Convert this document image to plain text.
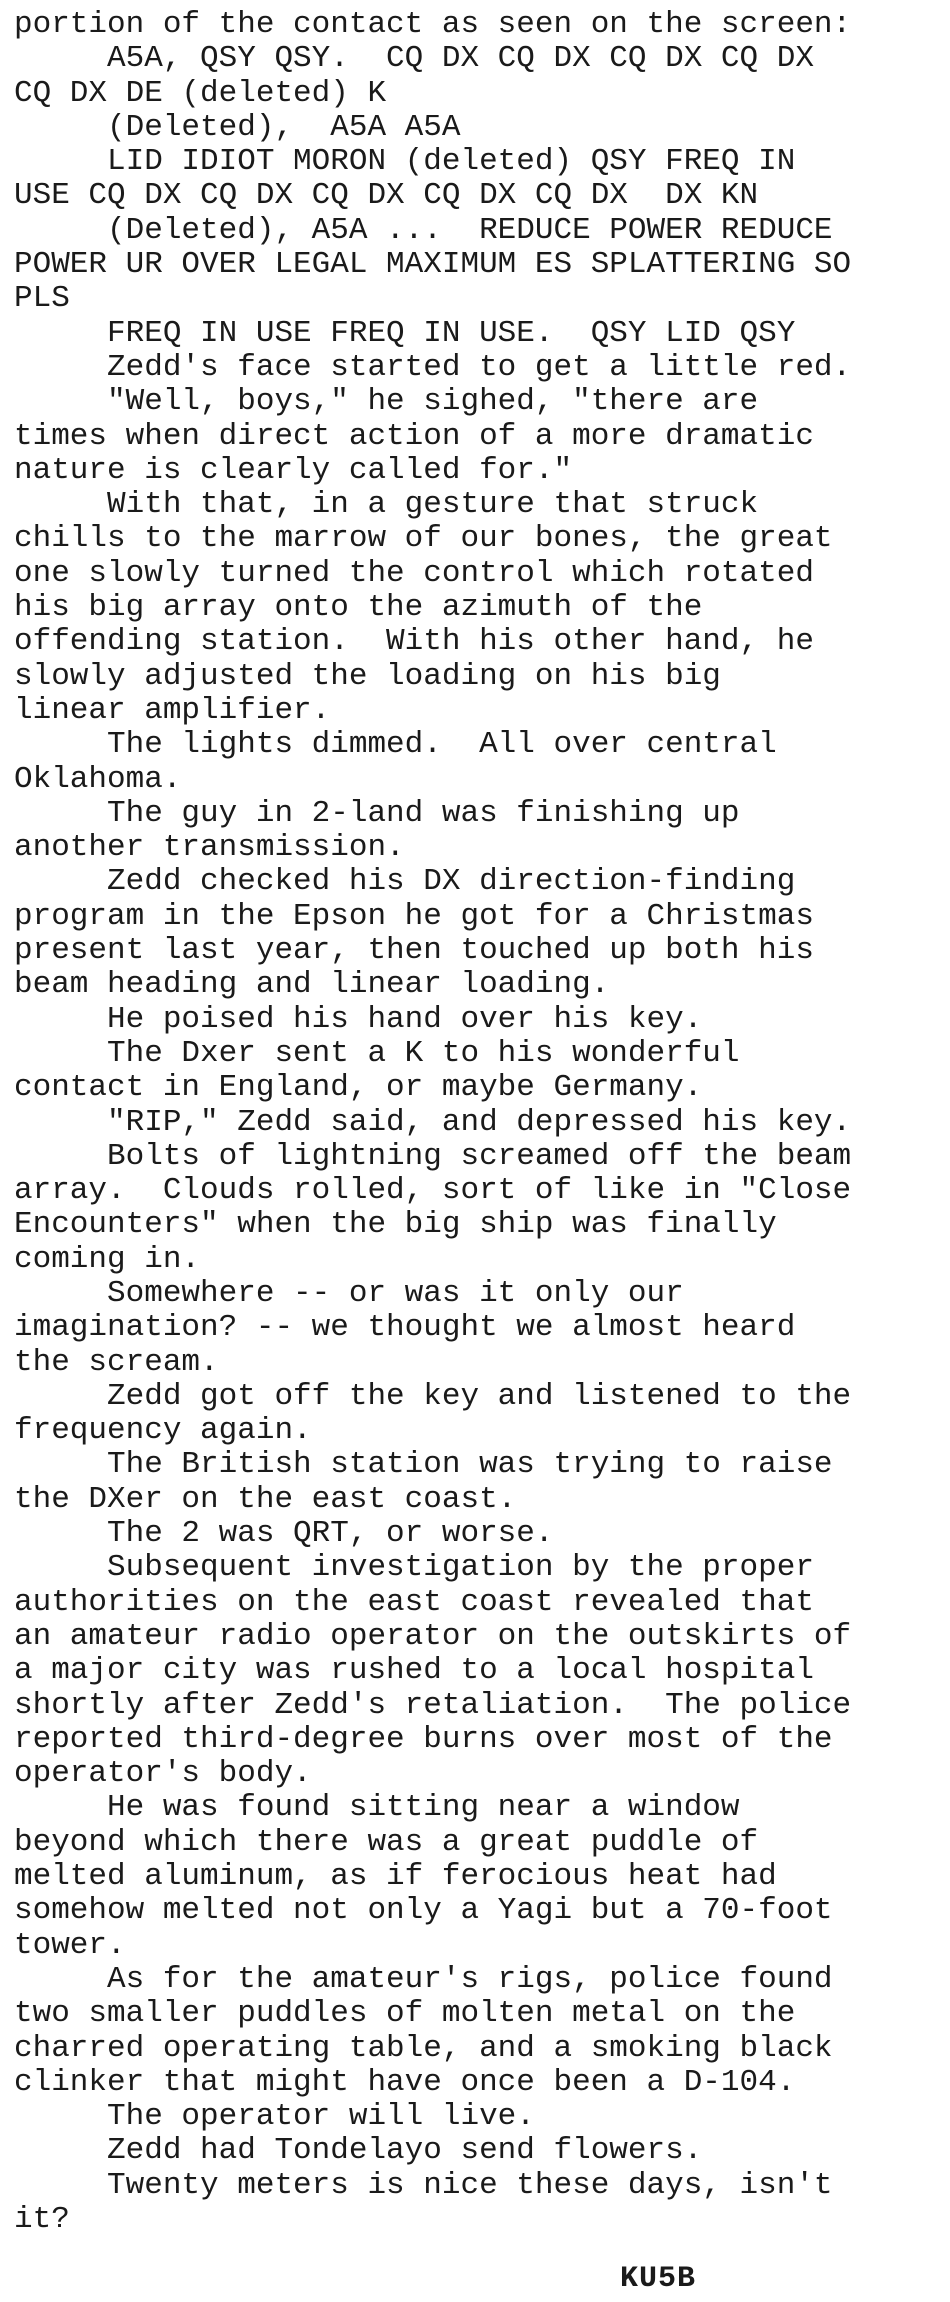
portion of the contact as seen on the screen:
A5A, QSY QSY.  CQ DX CQ DX CQ DX CQ DX
CQ DX DE (deleted) K
(Deleted),  A5A A5A
LID IDIOT MORON (deleted) QSY FREQ IN
USE CQ DX CQ DX CQ DX CQ DX CQ DX  DX KN
(Deleted), A5A ...  REDUCE POWER REDUCE
POWER UR OVER LEGAL MAXIMUM ES SPLATTERING SO
PLS
FREQ IN USE FREQ IN USE.  QSY LID QSY
Zedd's face started to get a little red.
"Well, boys," he sighed, "there are
times when direct action of a more dramatic
nature is clearly called for."
With that, in a gesture that struck
chills to the marrow of our bones, the great
one slowly turned the control which rotated
his big array onto the azimuth of the
offending station.  With his other hand, he
slowly adjusted the loading on his big
linear amplifier.
The lights dimmed.  All over central
Oklahoma.
The guy in 2-land was finishing up
another transmission.
Zedd checked his DX direction-finding
program in the Epson he got for a Christmas
present last year, then touched up both his
beam heading and linear loading.
He poised his hand over his key.
The Dxer sent a K to his wonderful
contact in England, or maybe Germany.
"RIP," Zedd said, and depressed his key.
Bolts of lightning screamed off the beam
array.  Clouds rolled, sort of like in "Close
Encounters" when the big ship was finally
coming in.
Somewhere -- or was it only our
imagination? -- we thought we almost heard
the scream.
Zedd got off the key and listened to the
frequency again.
The British station was trying to raise
the DXer on the east coast.
The 2 was QRT, or worse.
Subsequent investigation by the proper
authorities on the east coast revealed that
an amateur radio operator on the outskirts of
a major city was rushed to a local hospital
shortly after Zedd's retaliation.  The police
reported third-degree burns over most of the
operator's body.
He was found sitting near a window
beyond which there was a great puddle of
melted aluminum, as if ferocious heat had
somehow melted not only a Yagi but a 70-foot
tower.
As for the amateur's rigs, police found
two smaller puddles of molten metal on the
charred operating table, and a smoking black
clinker that might have once been a D-104.
The operator will live.
Zedd had Tondelayo send flowers.
Twenty meters is nice these days, isn't
it?
KU5B
